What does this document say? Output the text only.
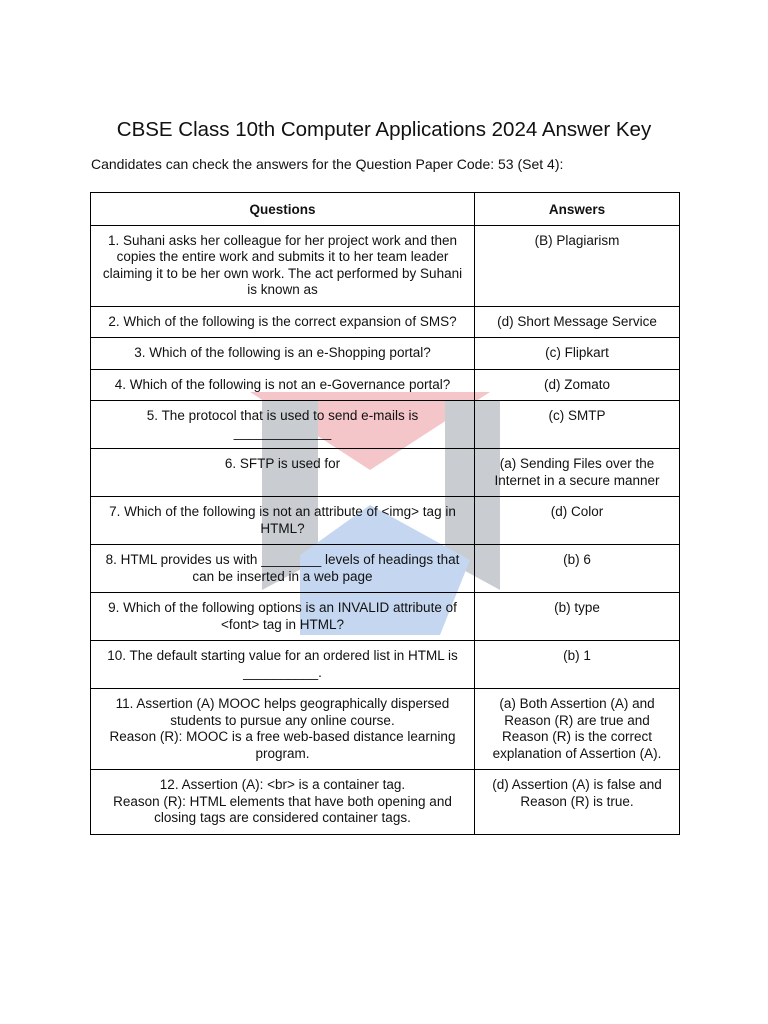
CBSE Class 10th Computer Applications 2024 Answer Key
Candidates can check the answers for the Question Paper Code: 53 (Set 4):
Questions	Answers
1. Suhani asks her colleague for her project work and then copies the entire work and submits it to her team leader claiming it to be her own work. The act performed by Suhani is known as	(B) Plagiarism
2. Which of the following is the correct expansion of SMS?	(d) Short Message Service
3. Which of the following is an e-Shopping portal?	(c) Flipkart
4. Which of the following is not an e-Governance portal?	(d) Zomato
5. The protocol that is used to send e-mails is _____________	(c) SMTP
6. SFTP is used for	(a) Sending Files over the Internet in a secure manner
7. Which of the following is not an attribute of <img> tag in HTML?	(d) Color
8. HTML provides us with ________ levels of headings that can be inserted in a web page	(b) 6
9. Which of the following options is an INVALID attribute of <font> tag in HTML?	(b) type
10. The default starting value for an ordered list in HTML is __________.	(b) 1
11. Assertion (A) MOOC helps geographically dispersed students to pursue any online course.
Reason (R): MOOC is a free web-based distance learning program.	(a) Both Assertion (A) and Reason (R) are true and Reason (R) is the correct explanation of Assertion (A).
12. Assertion (A): <br> is a container tag.
Reason (R): HTML elements that have both opening and closing tags are considered container tags.	(d) Assertion (A) is false and Reason (R) is true.
